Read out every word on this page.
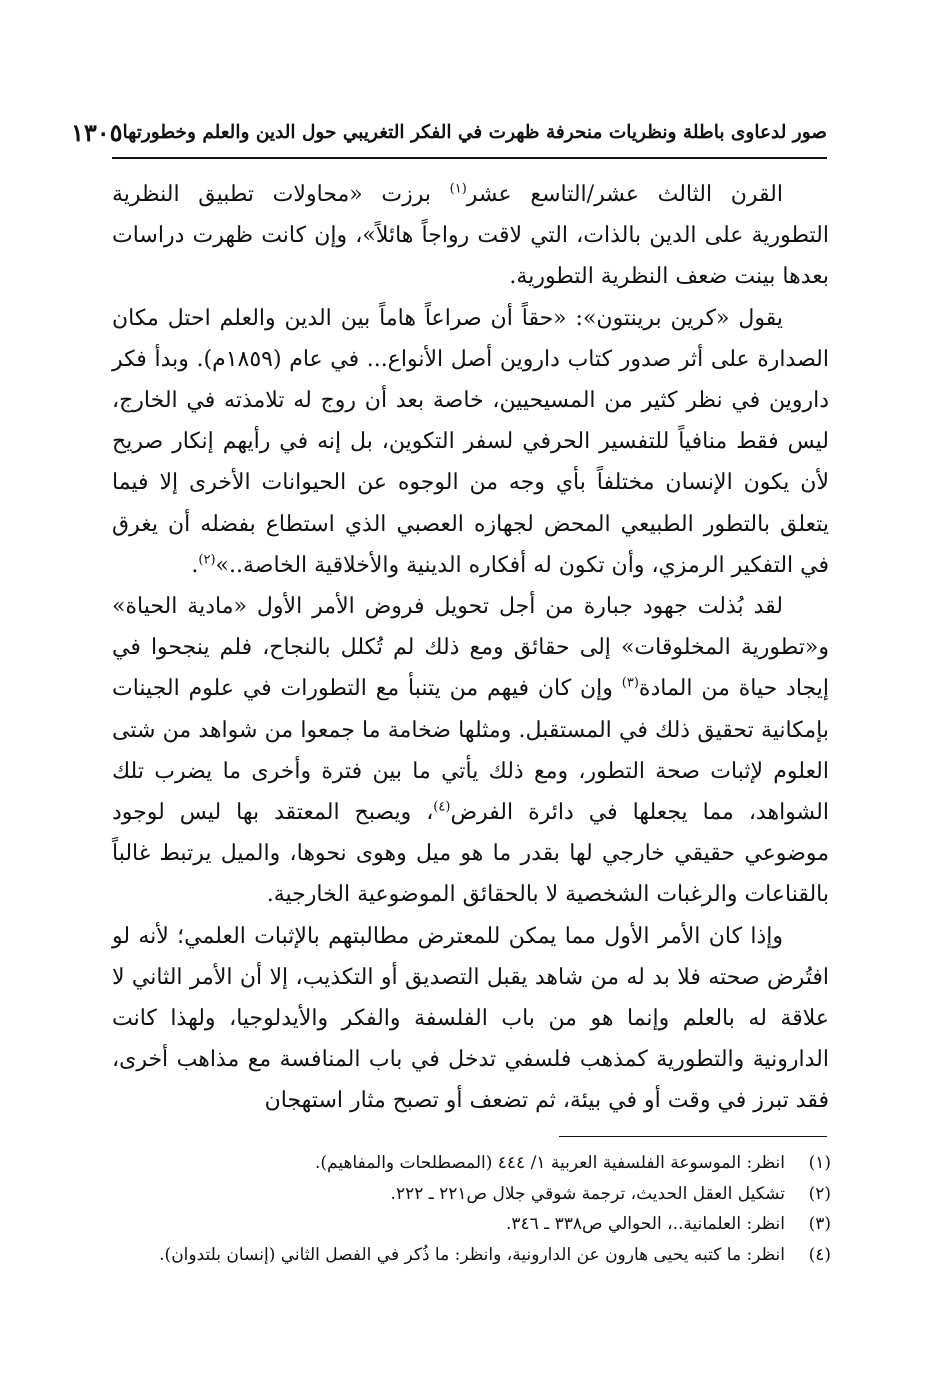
صور لدعاوى باطلة ونظريات منحرفة ظهرت في الفكر التغريبي حول الدين والعلم وخطورتها
١٣٠٥

القرن الثالث عشر/التاسع عشر$^{(١)}$ برزت «محاولات تطبيق النظرية التطورية على الدين بالذات، التي لاقت رواجاً هائلاً»، وإن كانت ظهرت دراسات بعدها بينت ضعف النظرية التطورية.

يقول «كرين برينتون»: «حقاً أن صراعاً هاماً بين الدين والعلم احتل مكان الصدارة على أثر صدور كتاب داروين أصل الأنواع... في عام (١٨٥٩م). وبدأ فكر داروين في نظر كثير من المسيحيين، خاصة بعد أن روج له تلامذته في الخارج، ليس فقط منافياً للتفسير الحرفي لسفر التكوين، بل إنه في رأيهم إنكار صريح لأن يكون الإنسان مختلفاً بأي وجه من الوجوه عن الحيوانات الأخرى إلا فيما يتعلق بالتطور الطبيعي المحض لجهازه العصبي الذي استطاع بفضله أن يغرق في التفكير الرمزي، وأن تكون له أفكاره الدينية والأخلاقية الخاصة..»$^{(٢)}$.

لقد بُذلت جهود جبارة من أجل تحويل فروض الأمر الأول «مادية الحياة» و«تطورية المخلوقات» إلى حقائق ومع ذلك لم تُكلل بالنجاح، فلم ينجحوا في إيجاد حياة من المادة$^{(٣)}$ وإن كان فيهم من يتنبأ مع التطورات في علوم الجينات بإمكانية تحقيق ذلك في المستقبل. ومثلها ضخامة ما جمعوا من شواهد من شتى العلوم لإثبات صحة التطور، ومع ذلك يأتي ما بين فترة وأخرى ما يضرب تلك الشواهد، مما يجعلها في دائرة الفرض$^{(٤)}$، ويصبح المعتقد بها ليس لوجود موضوعي حقيقي خارجي لها بقدر ما هو ميل وهوى نحوها، والميل يرتبط غالباً بالقناعات والرغبات الشخصية لا بالحقائق الموضوعية الخارجية.

وإذا كان الأمر الأول مما يمكن للمعترض مطالبتهم بالإثبات العلمي؛ لأنه لو افتُرض صحته فلا بد له من شاهد يقبل التصديق أو التكذيب، إلا أن الأمر الثاني لا علاقة له بالعلم وإنما هو من باب الفلسفة والفكر والأيدلوجيا، ولهذا كانت الدارونية والتطورية كمذهب فلسفي تدخل في باب المنافسة مع مذاهب أخرى، فقد تبرز في وقت أو في بيئة، ثم تضعف أو تصبح مثار استهجان

(١)
انظر: الموسوعة الفلسفية العربية ١/ ٤٤٤ (المصطلحات والمفاهيم).
(٢)
تشكيل العقل الحديث، ترجمة شوقي جلال ص٢٢١ ـ ٢٢٢.
(٣)
انظر: العلمانية..، الحوالي ص٣٣٨ ـ ٣٤٦.
(٤)
انظر: ما كتبه يحيى هارون عن الدارونية، وانظر: ما ذُكر في الفصل الثاني (إنسان بلتدوان).
